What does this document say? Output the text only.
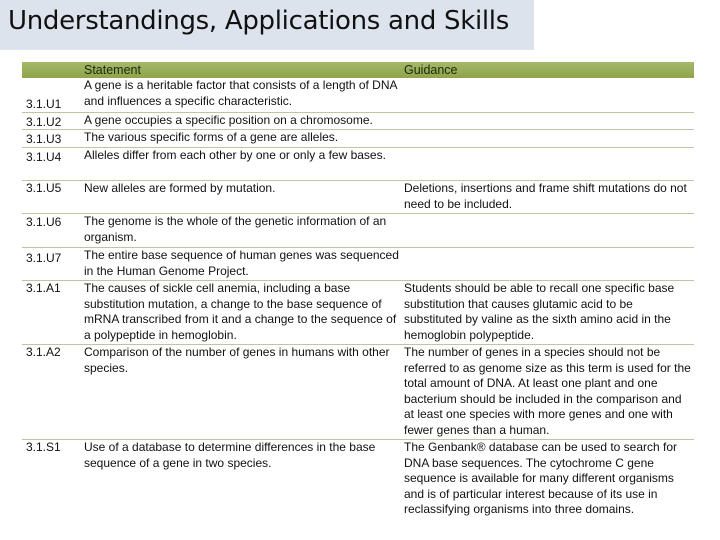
Understandings, Applications and Skills
Statement	Guidance
3.1.U1
A gene is a heritable factor that consists of a length of DNA and influences a specific characteristic.
3.1.U2 A gene occupies a specific position on a chromosome.
3.1.U3 The various specific forms of a gene are alleles.
3.1.U4 Alleles differ from each other by one or only a few bases.
3.1.U5 New alleles are formed by mutation.	Deletions, insertions and frame shift mutations do not need to be included.
3.1.U6 The genome is the whole of the genetic information of an organism.
3.1.U7 The entire base sequence of human genes was sequenced in the Human Genome Project.
3.1.A1 The causes of sickle cell anemia, including a base substitution mutation, a change to the base sequence of mRNA transcribed from it and a change to the sequence of a polypeptide in hemoglobin.
Students should be able to recall one specific base substitution that causes glutamic acid to be substituted by valine as the sixth amino acid in the hemoglobin polypeptide.
3.1.A2 Comparison of the number of genes in humans with other species.
The number of genes in a species should not be referred to as genome size as this term is used for the total amount of DNA. At least one plant and one bacterium should be included in the comparison and at least one species with more genes and one with fewer genes than a human.
3.1.S1 Use of a database to determine differences in the base sequence of a gene in two species.
The Genbank® database can be used to search for DNA base sequences. The cytochrome C gene sequence is available for many different organisms and is of particular interest because of its use in reclassifying organisms into three domains.
